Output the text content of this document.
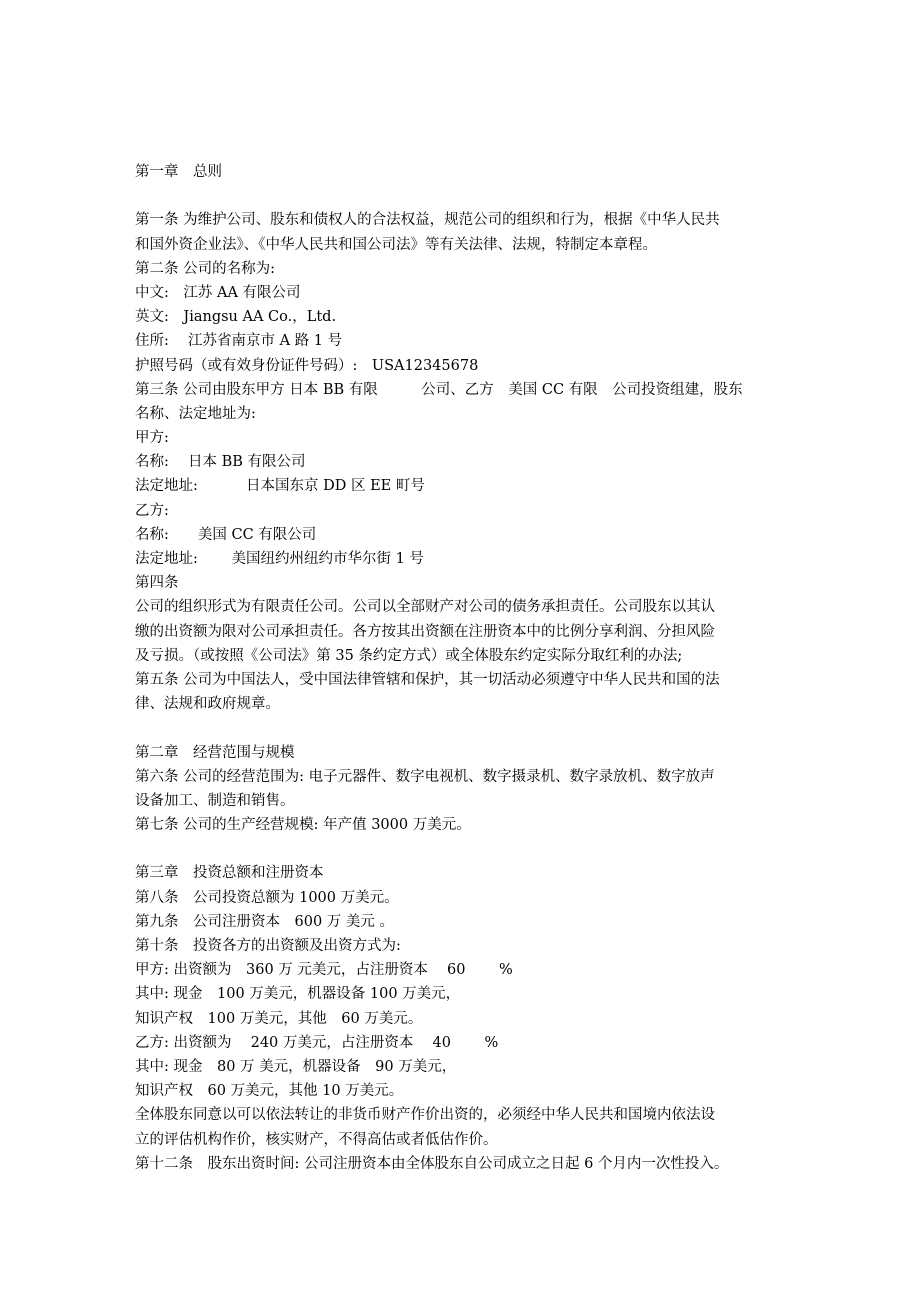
第一章　总则
第一条 为维护公司、股东和债权人的合法权益，规范公司的组织和行为，根据《中华人民共
和国外资企业法》、《中华人民共和国公司法》等有关法律、法规，特制定本章程。
第二条 公司的名称为:
中文:　江苏 AA 有限公司
英文:　Jiangsu AA Co.，Ltd.
住所:　 江苏省南京市 A 路 1 号
护照号码（或有效身份证件号码）:　USA12345678
第三条 公司由股东甲方 日本 BB 有限　　　公司、乙方　美国 CC 有限　公司投资组建，股东
名称、法定地址为:
甲方:
名称:　 日本 BB 有限公司
法定地址:　　　 日本国东京 DD 区 EE 町号
乙方:
名称:　　美国 CC 有限公司
法定地址:　　 美国纽约州纽约市华尔街 1 号
第四条
公司的组织形式为有限责任公司。公司以全部财产对公司的债务承担责任。公司股东以其认
缴的出资额为限对公司承担责任。各方按其出资额在注册资本中的比例分享利润、分担风险
及亏损。（或按照《公司法》第 35 条约定方式）或全体股东约定实际分取红利的办法;
第五条 公司为中国法人，受中国法律管辖和保护，其一切活动必须遵守中华人民共和国的法
律、法规和政府规章。
第二章　经营范围与规模
第六条 公司的经营范围为: 电子元器件、数字电视机、数字摄录机、数字录放机、数字放声
设备加工、制造和销售。
第七条 公司的生产经营规模: 年产值 3000 万美元。
第三章　投资总额和注册资本
第八条　公司投资总额为 1000 万美元。
第九条　公司注册资本　600 万 美元 。
第十条　投资各方的出资额及出资方式为:
甲方: 出资额为　360 万 元美元，占注册资本　 60　　 %
其中: 现金　100 万美元，机器设备 100 万美元，
知识产权　100 万美元，其他　60 万美元。
乙方: 出资额为　 240 万美元，占注册资本　 40　　 %
其中: 现金　80 万 美元，机器设备　90 万美元，
知识产权　60 万美元，其他 10 万美元。
全体股东同意以可以依法转让的非货币财产作价出资的，必须经中华人民共和国境内依法设
立的评估机构作价，核实财产，不得高估或者低估作价。
第十二条　股东出资时间: 公司注册资本由全体股东自公司成立之日起 6 个月内一次性投入。
